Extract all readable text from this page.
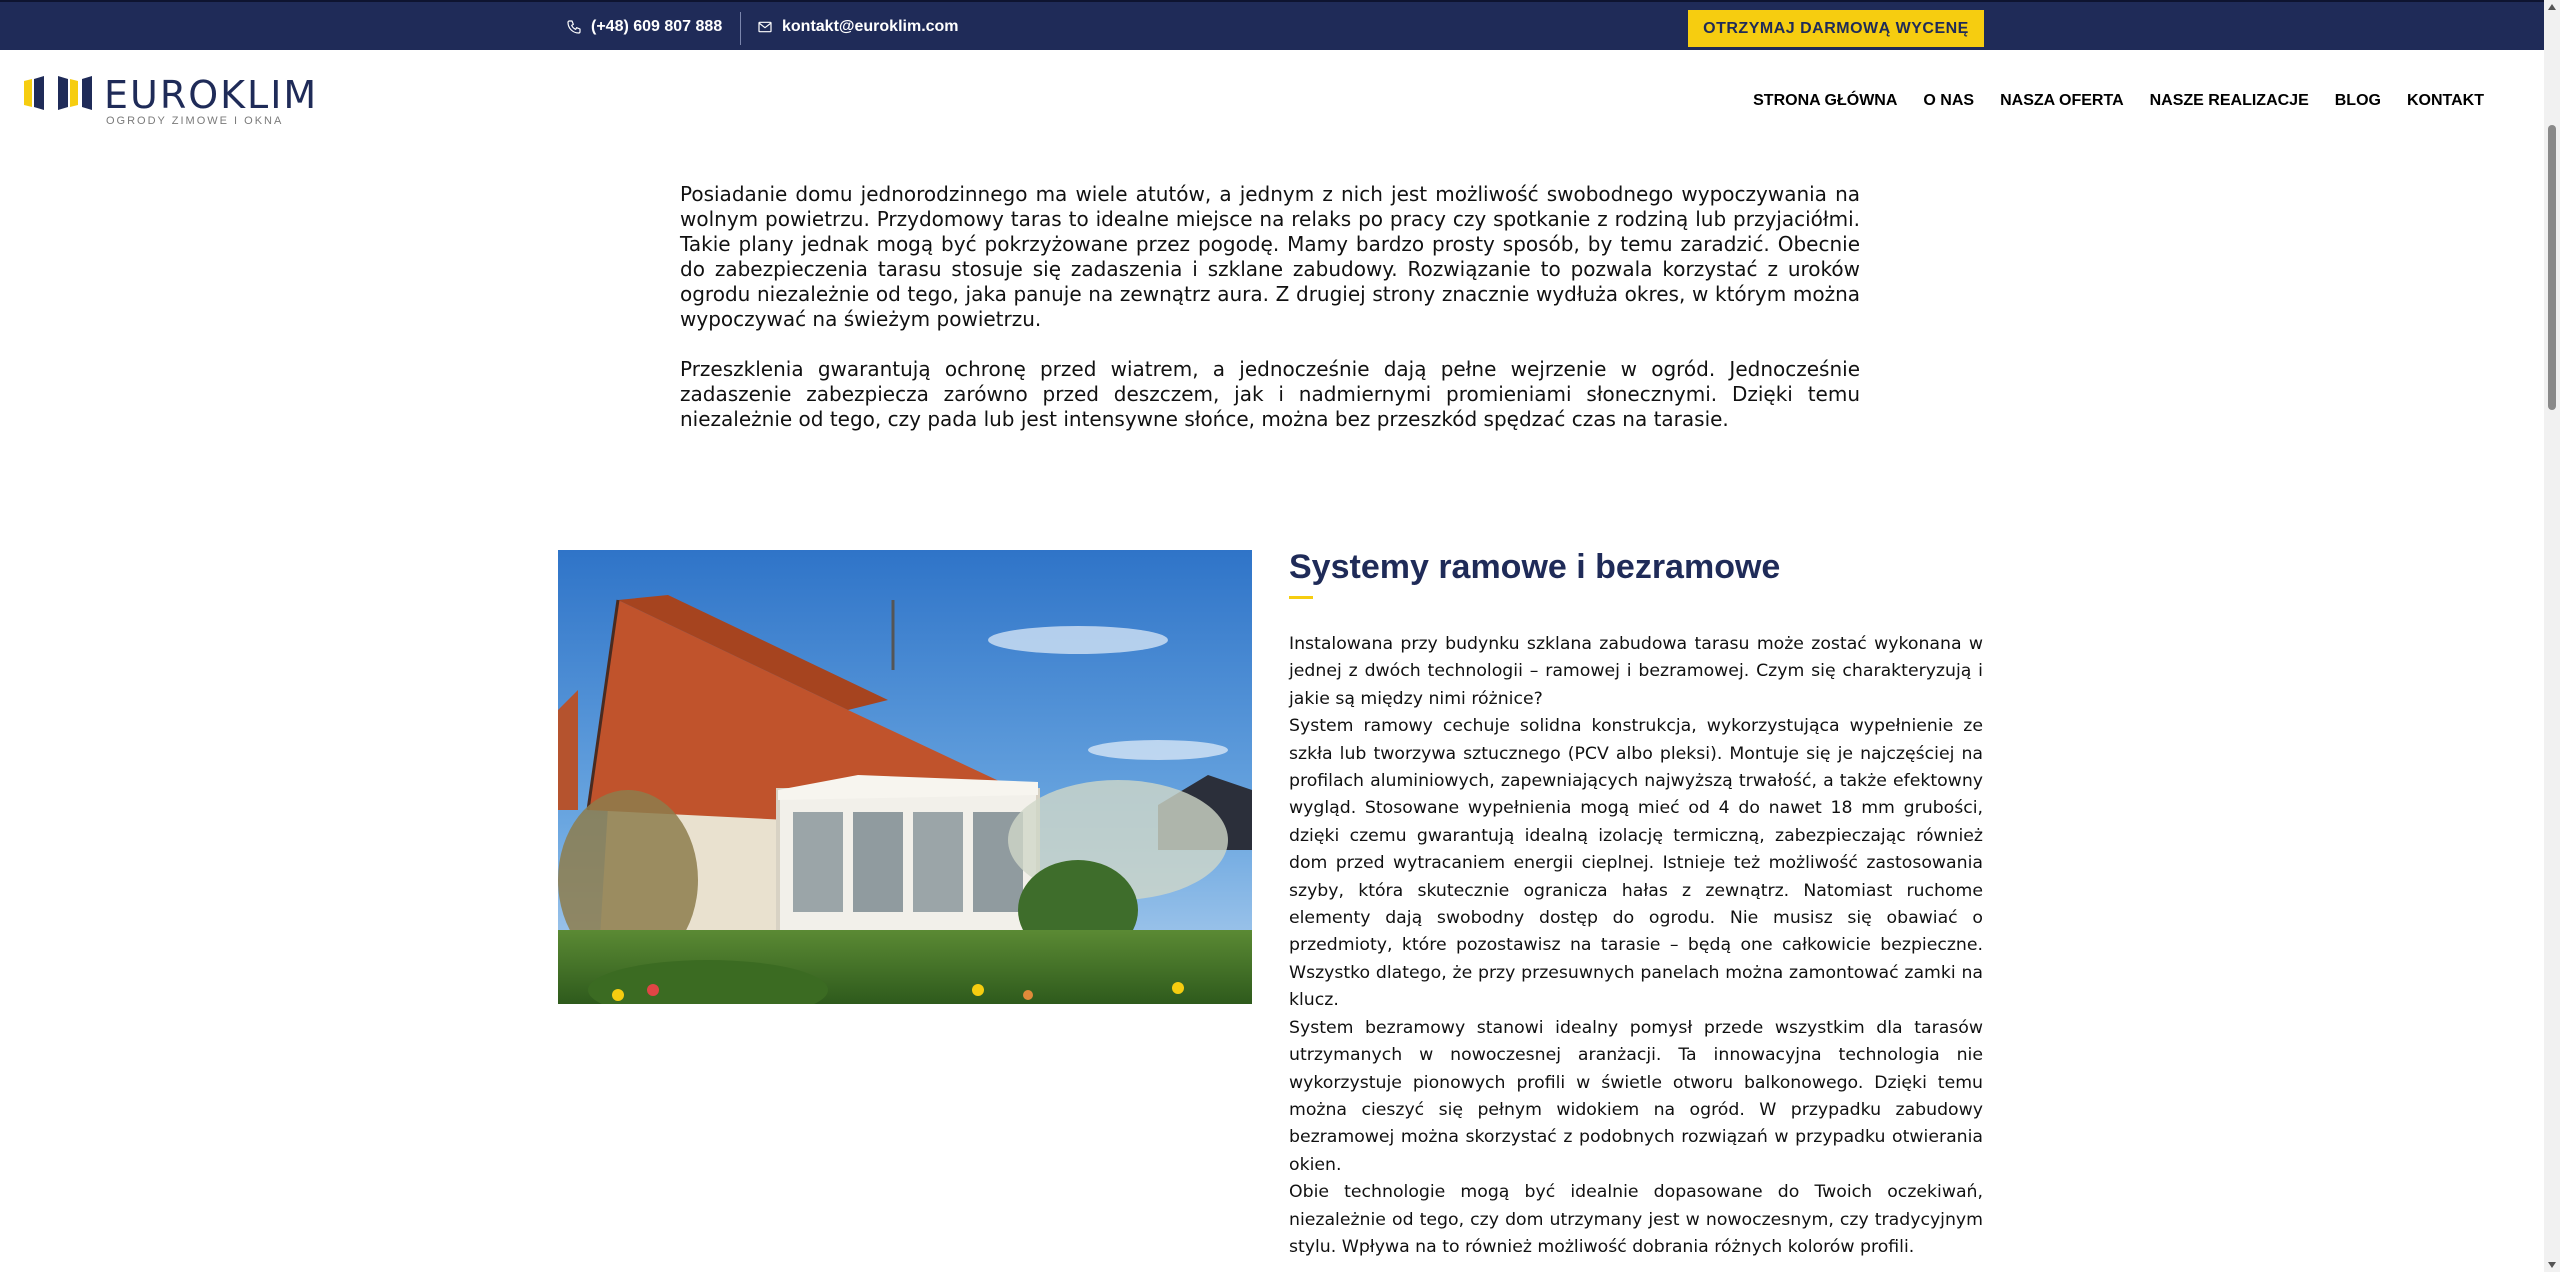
(+48) 609 807 888	kontakt@euroklim.com	OTRZYMAJ DARMOWĄ WYCENĘ
EUROKLIM
OGRODY ZIMOWE I OKNA
STRONA GŁÓWNA O NAS NASZA OFERTA NASZE REALIZACJE BLOG KONTAKT

Posiadanie domu jednorodzinnego ma wiele atutów, a jednym z nich jest możliwość swobodnego wypoczywania na wolnym powietrzu. Przydomowy taras to idealne miejsce na relaks po pracy czy spotkanie z rodziną lub przyjaciółmi. Takie plany jednak mogą być pokrzyżowane przez pogodę. Mamy bardzo prosty sposób, by temu zaradzić. Obecnie do zabezpieczenia tarasu stosuje się zadaszenia i szklane zabudowy. Rozwiązanie to pozwala korzystać z uroków ogrodu niezależnie od tego, jaka panuje na zewnątrz aura. Z drugiej strony znacznie wydłuża okres, w którym można wypoczywać na świeżym powietrzu.

Przeszklenia gwarantują ochronę przed wiatrem, a jednocześnie dają pełne wejrzenie w ogród. Jednocześnie zadaszenie zabezpiecza zarówno przed deszczem, jak i nadmiernymi promieniami słonecznymi. Dzięki temu niezależnie od tego, czy pada lub jest intensywne słońce, można bez przeszkód spędzać czas na tarasie.

Systemy ramowe i bezramowe

Instalowana przy budynku szklana zabudowa tarasu może zostać wykonana w jednej z dwóch technologii – ramowej i bezramowej. Czym się charakteryzują i jakie są między nimi różnice?

System ramowy cechuje solidna konstrukcja, wykorzystująca wypełnienie ze szkła lub tworzywa sztucznego (PCV albo pleksi). Montuje się je najczęściej na profilach aluminiowych, zapewniających najwyższą trwałość, a także efektowny wygląd. Stosowane wypełnienia mogą mieć od 4 do nawet 18 mm grubości, dzięki czemu gwarantują idealną izolację termiczną, zabezpieczając również dom przed wytracaniem energii cieplnej. Istnieje też możliwość zastosowania szyby, która skutecznie ogranicza hałas z zewnątrz. Natomiast ruchome elementy dają swobodny dostęp do ogrodu. Nie musisz się obawiać o przedmioty, które pozostawisz na tarasie – będą one całkowicie bezpieczne. Wszystko dlatego, że przy przesuwnych panelach można zamontować zamki na klucz.

System bezramowy stanowi idealny pomysł przede wszystkim dla tarasów utrzymanych w nowoczesnej aranżacji. Ta innowacyjna technologia nie wykorzystuje pionowych profili w świetle otworu balkonowego. Dzięki temu można cieszyć się pełnym widokiem na ogród. W przypadku zabudowy bezramowej można skorzystać z podobnych rozwiązań w przypadku otwierania okien.

Obie technologie mogą być idealnie dopasowane do Twoich oczekiwań, niezależnie od tego, czy dom utrzymany jest w nowoczesnym, czy tradycyjnym stylu. Wpływa na to również możliwość dobrania różnych kolorów profili.
